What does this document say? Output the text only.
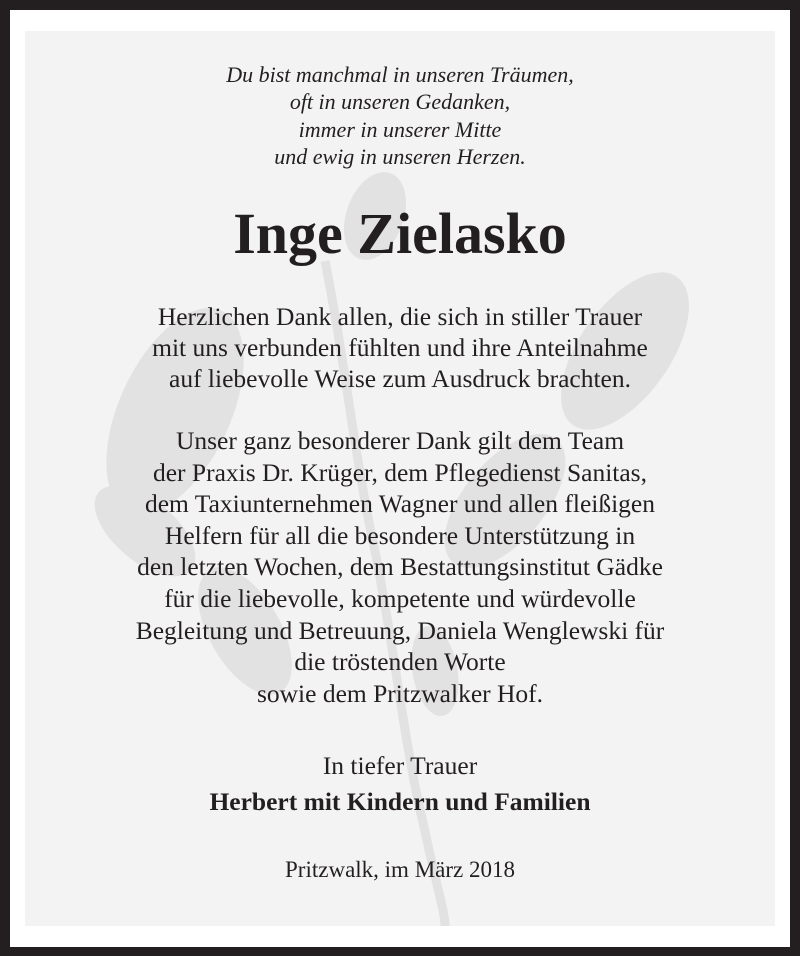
Du bist manchmal in unseren Träumen,
oft in unseren Gedanken,
immer in unserer Mitte
und ewig in unseren Herzen.
Inge Zielasko
Herzlichen Dank allen, die sich in stiller Trauer
mit uns verbunden fühlten und ihre Anteilnahme
auf liebevolle Weise zum Ausdruck brachten.
Unser ganz besonderer Dank gilt dem Team
der Praxis Dr. Krüger, dem Pflegedienst Sanitas,
dem Taxiunternehmen Wagner und allen fleißigen
Helfern für all die besondere Unterstützung in
den letzten Wochen, dem Bestattungsinstitut Gädke
für die liebevolle, kompetente und würdevolle
Begleitung und Betreuung, Daniela Wenglewski für
die tröstenden Worte
sowie dem Pritzwalker Hof.
In tiefer Trauer
Herbert mit Kindern und Familien
Pritzwalk, im März 2018
